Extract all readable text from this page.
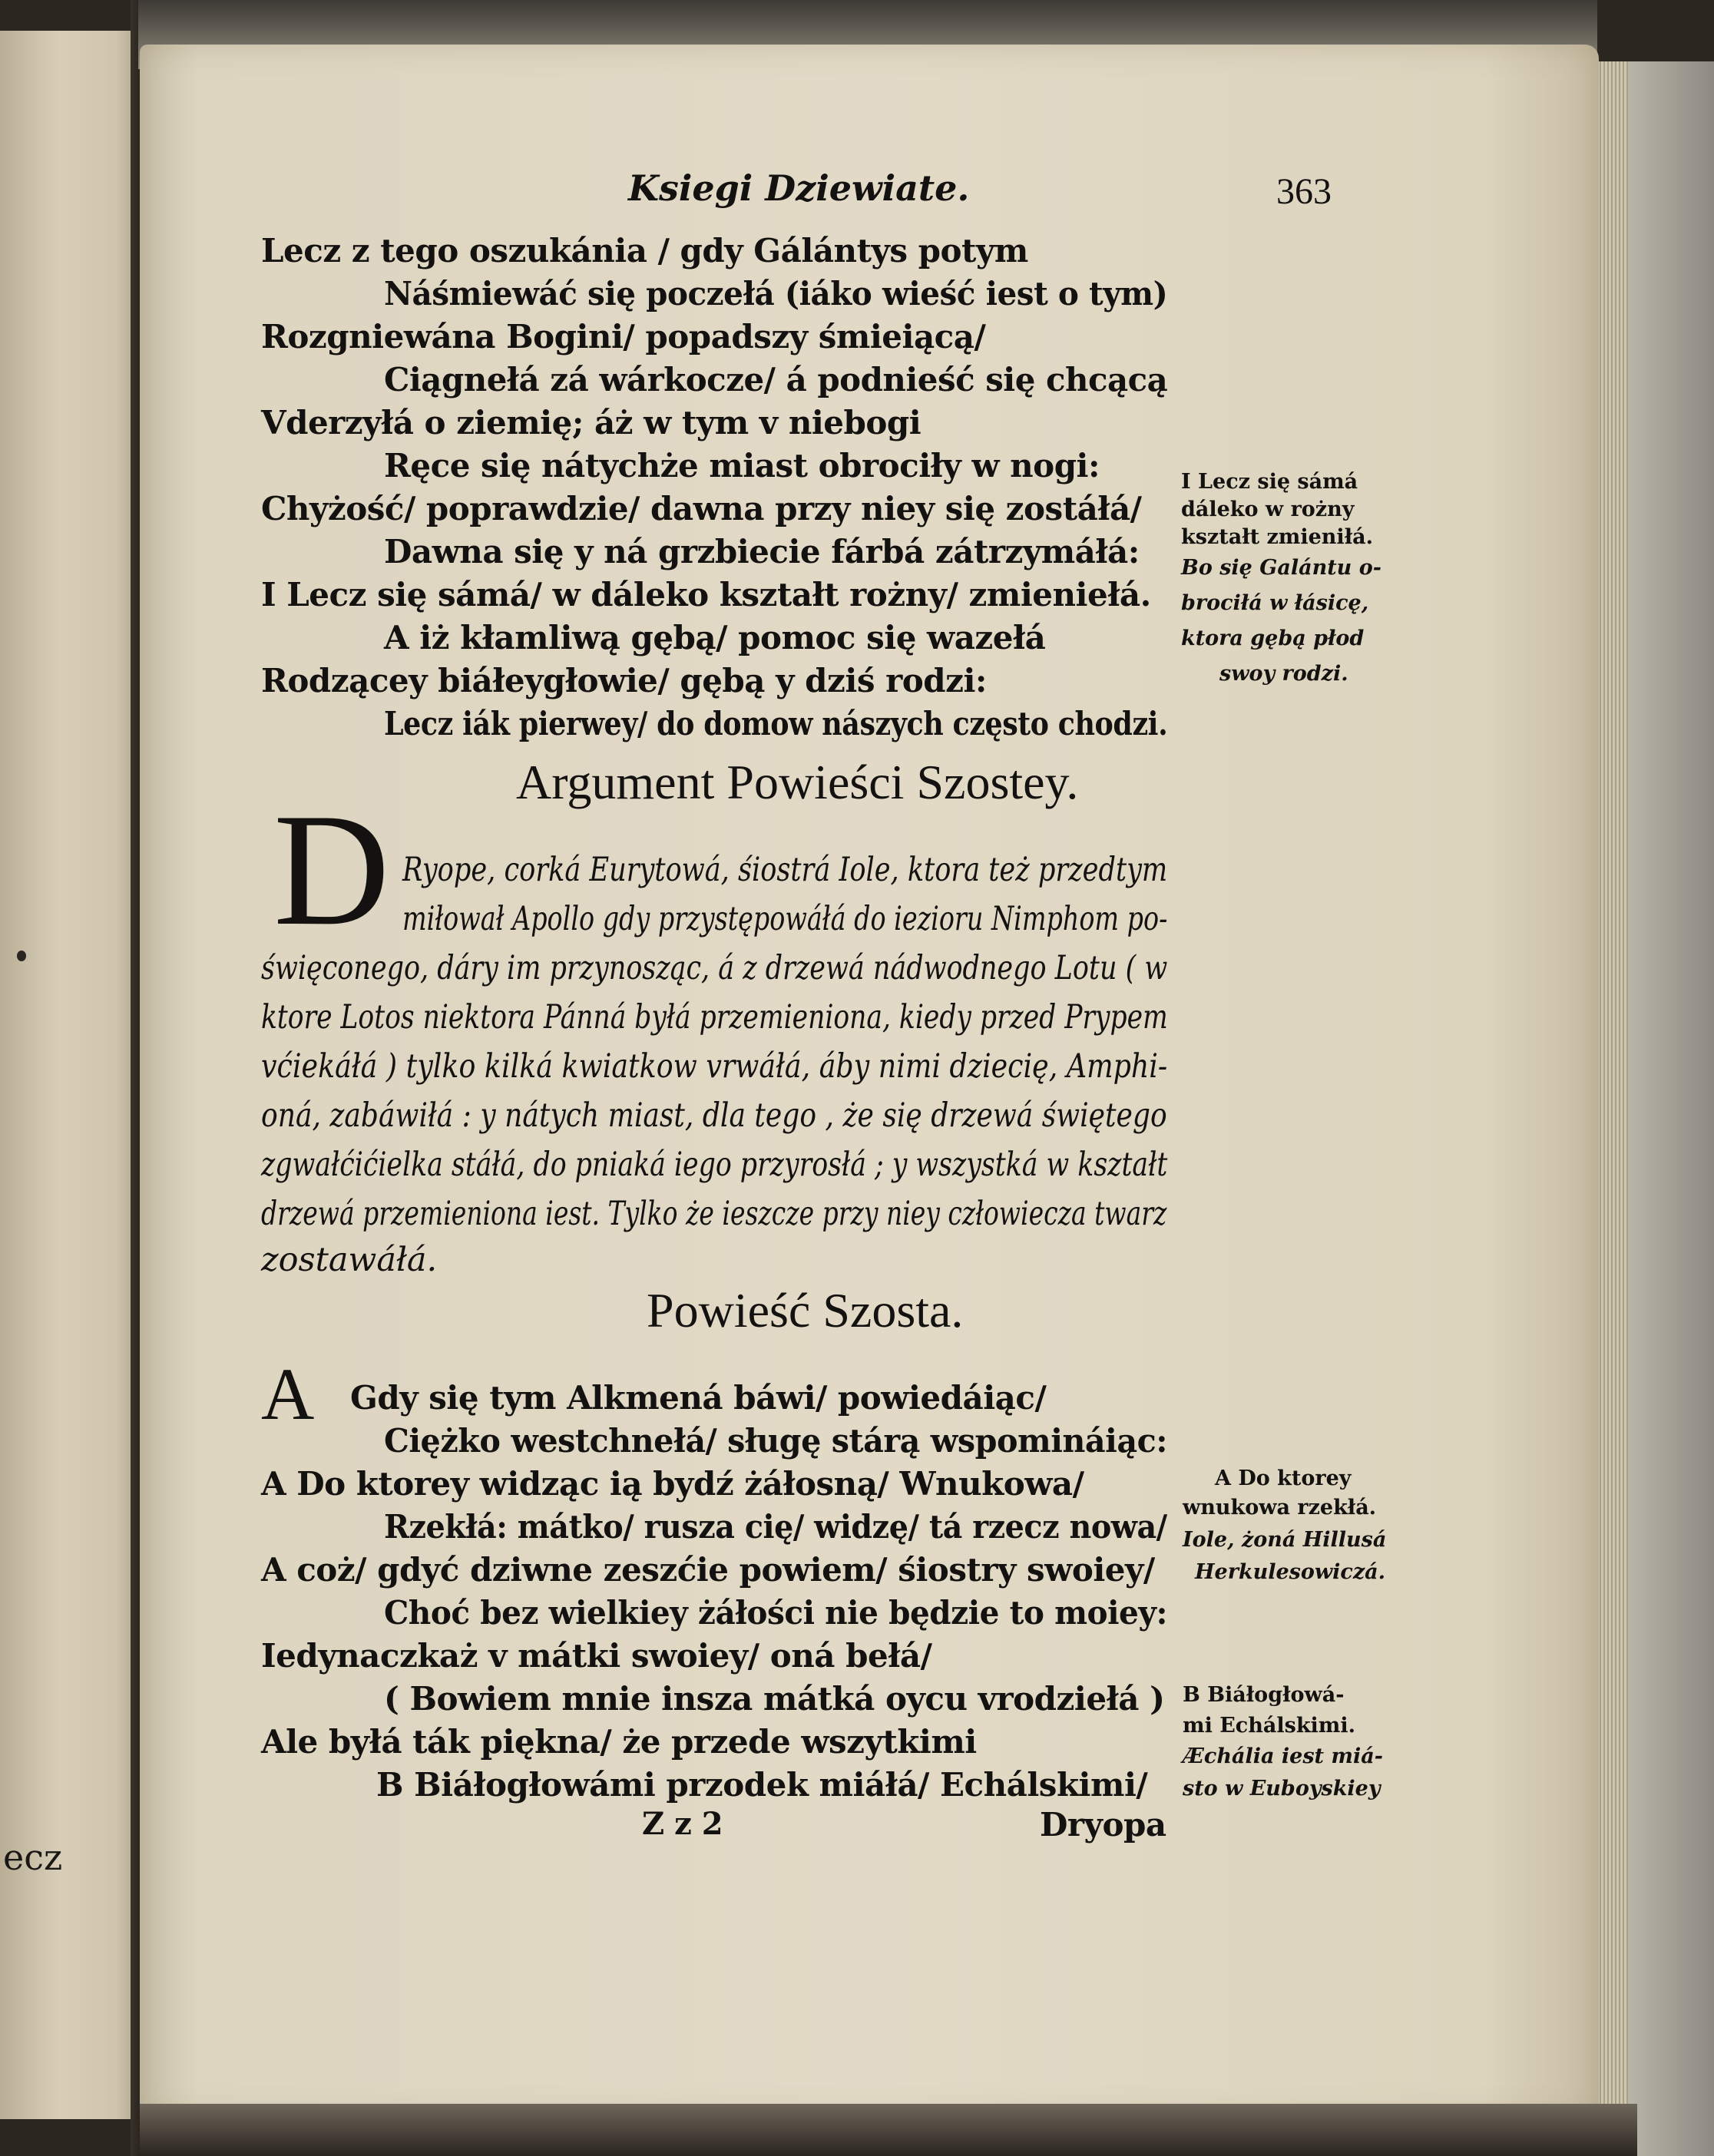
ecz
Ksiegi Dziewiate.	363
Lecz z tego oszukánia / gdy Gálántys potym
Náśmiewáć się poczełá (iáko wieść iest o tym)
Rozgniewána Bogini/ popadszy śmieiącą/
Ciągnełá zá wárkocze/ á podnieść się chcącą
Vderzyłá o ziemię; áż w tym v niebogi
Ręce się nátychże miast obrociły w nogi:
Chyżość/ poprawdzie/ dawna przy niey się zostáłá/
Dawna się y ná grzbiecie fárbá zátrzymáłá:
I Lecz się sámá/ w dáleko kształt rożny/ zmieniełá.
A iż kłamliwą gębą/ pomoc się wazełá
Rodzącey biáłeygłowie/ gębą y dziś rodzi:
Lecz iák pierwey/ do domow nászych często chodzi.
I Lecz się sámá
dáleko w rożny
kształt zmieniłá.
Bo się Galántu o-
brociłá w łásicę,
ktora gębą płod
swoy rodzi.
Argument Powieści Szostey.
D Ryope, corká Eurytowá, śiostrá Iole, ktora też przedtym
miłował Apollo gdy przystępowáłá do iezioru Nimphom po-
święconego, dáry im przynosząc, á z drzewá nádwodnego Lotu ( w
ktore Lotos niektora Pánná byłá przemieniona, kiedy przed Prypem
vćiekáłá ) tylko kilká kwiatkow vrwáłá, áby nimi dziecię, Amphi-
oná, zabáwiłá : y nátych miast, dla tego , że się drzewá świętego
zgwałćićielka stáłá, do pniaká iego przyrosłá ; y wszystká w kształt
drzewá przemieniona iest. Tylko że ieszcze przy niey człowiecza twarz
zostawáłá.
Powieść Szosta.
A Gdy się tym Alkmená báwi/ powiedáiąc/
Ciężko westchnełá/ sługę stárą wspomináiąc:
A Do ktorey widząc ią bydź żáłosną/ Wnukowa/
Rzekłá: mátko/ rusza cię/ widzę/ tá rzecz nowa/
A coż/ gdyć dziwne zeszćie powiem/ śiostry swoiey/
Choć bez wielkiey żáłości nie będzie to moiey:
Iedynaczkaż v mátki swoiey/ oná bełá/
( Bowiem mnie insza mátká oycu vrodziełá )
Ale byłá ták piękna/ że przede wszytkimi
B Biáłogłowámi przodek miáłá/ Echálskimi/
A Do ktorey
wnukowa rzekłá.
Iole, żoná Hillusá
Herkulesowiczá.
B Biáłogłowá-
mi Echálskimi.
Æchália iest miá-
sto w Euboyskiey
Z z 2	Dryopa
